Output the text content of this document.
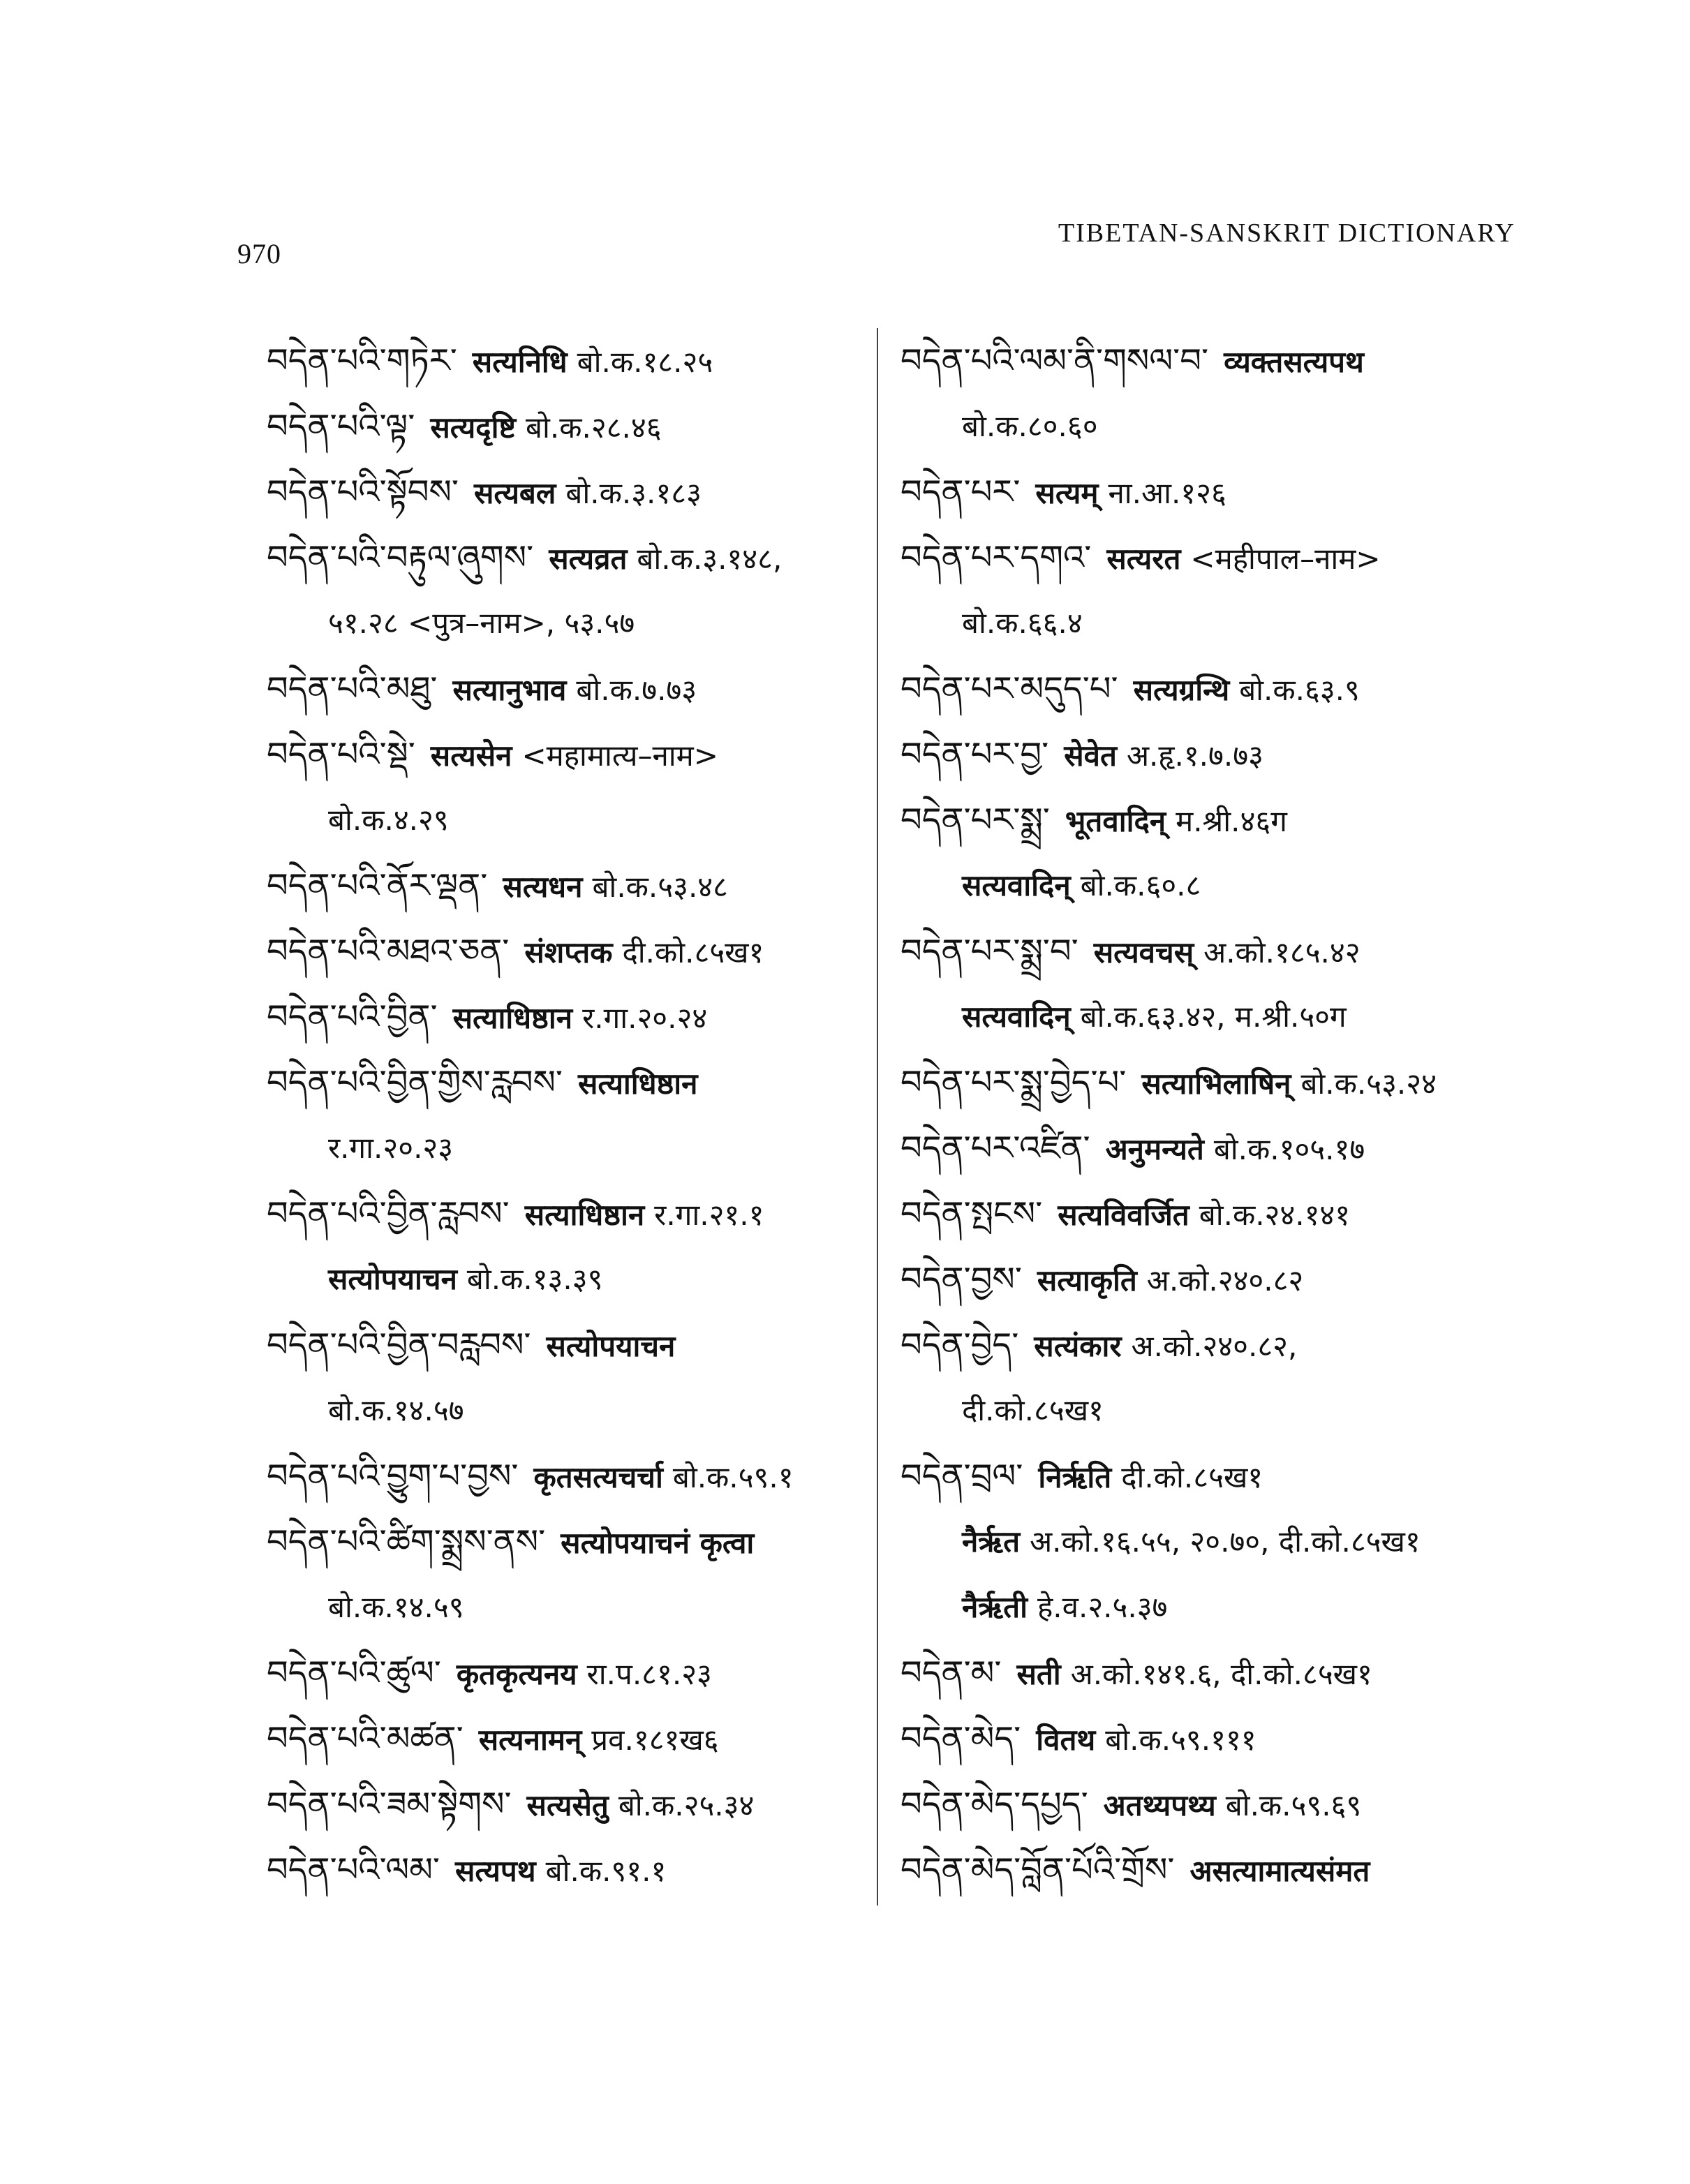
970
TIBETAN-SANSKRIT DICTIONARY
བདེན་པའི་གཏེར་ सत्यनिधि बो.क.१८.२५
བདེན་པའི་ལྟ་ सत्यदृष्टि बो.क.२८.४६
བདེན་པའི་སྟོབས་ सत्यबल बो.क.३.१८३
བདེན་པའི་བརྟུལ་ཞུགས་ सत्यव्रत बो.क.३.१४८,
५१.२८ <पुत्र–नाम>, ५३.५७
བདེན་པའི་མཐུ་ सत्यानुभाव बो.क.७.७३
བདེན་པའི་སྡེ་ सत्यसेन <महामात्य–नाम>
बो.क.४.२९
བདེན་པའི་ནོར་ལྡན་ सत्यधन बो.क.५३.४८
བདེན་པའི་མཐའ་ཅན་ संशप्तक दी.को.८५ख१
བདེན་པའི་བྱིན་ सत्याधिष्ठान र.गा.२०.२४
བདེན་པའི་བྱིན་གྱིས་རླབས་ सत्याधिष्ठान
र.गा.२०.२३
བདེན་པའི་བྱིན་རླབས་ सत्याधिष्ठान र.गा.२१.१
सत्योपयाचन बो.क.१३.३९
བདེན་པའི་བྱིན་བརླབས་ सत्योपयाचन
बो.क.१४.५७
བདེན་པའི་བྱུག་པ་བྱས་ कृतसत्यचर्चा बो.क.५९.१
བདེན་པའི་ཚིག་སྨྲས་ནས་ सत्योपयाचनं कृत्वा
बो.क.१४.५९
བདེན་པའི་ཚུལ་ कृतकृत्यनय रा.प.८१.२३
བདེན་པའི་མཚན་ सत्यनामन् प्रव.१८१ख६
བདེན་པའི་ཟམ་སྟེགས་ सत्यसेतु बो.क.२५.३४
བདེན་པའི་ལམ་ सत्यपथ बो.क.९१.१
བདེན་པའི་ལམ་ནི་གསལ་བ་ व्यक्तसत्यपथ
बो.क.८०.६०
བདེན་པར་ सत्यम् ना.आ.१२६
བདེན་པར་དགའ་ सत्यरत <महीपाल–नाम>
बो.क.६६.४
བདེན་པར་མདུད་པ་ सत्यग्रन्थि बो.क.६३.९
བདེན་པར་བྱ་ सेवेत अ.हृ.१.७.७३
བདེན་པར་སྨྲ་ भूतवादिन् म.श्री.४६ग
सत्यवादिन् बो.क.६०.८
བདེན་པར་སྨྲ་བ་ सत्यवचस् अ.को.१८५.४२
सत्यवादिन् बो.क.६३.४२, म.श्री.५०ग
བདེན་པར་སྨྲ་བྱེད་པ་ सत्याभिलाषिन् बो.क.५३.२४
བདེན་པར་འཛིན་ अनुमन्यते बो.क.१०५.१७
བདེན་སྤངས་ सत्यविवर्जित बो.क.२४.१४१
བདེན་བྱས་ सत्याकृति अ.को.२४०.८२
བདེན་བྱེད་ सत्यंकार अ.को.२४०.८२,
दी.को.८५ख१
བདེན་བྲལ་ निर्ऋति दी.को.८५ख१
नैर्ऋत अ.को.१६.५५, २०.७०, दी.को.८५ख१
नैर्ऋती हे.व.२.५.३७
བདེན་མ་ सती अ.को.१४१.६, दी.को.८५ख१
བདེན་མེད་ वितथ बो.क.५९.१११
བདེན་མེད་དཔྱད་ अतथ्यपथ्य बो.क.५९.६९
བདེན་མེད་བློན་པོའི་གྲོས་ असत्यामात्यसंमत
